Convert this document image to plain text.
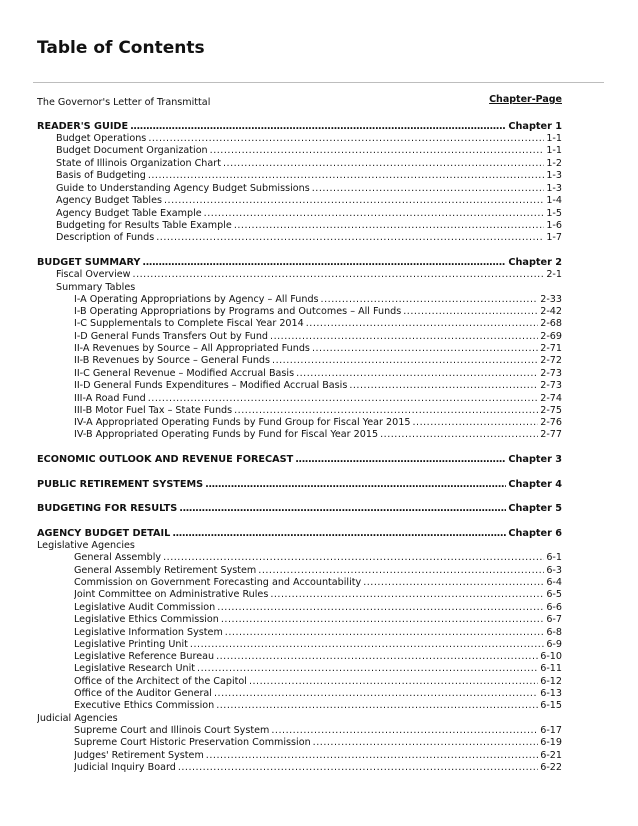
Table of Contents
Chapter-Page
The Governor's Letter of Transmittal
READER'S GUIDE .....	Chapter 1
Budget Operations .....	1-1
Budget Document Organization .....	1-1
State of Illinois Organization Chart .....	1-2
Basis of Budgeting .....	1-3
Guide to Understanding Agency Budget Submissions .....	1-3
Agency Budget Tables .....	1-4
Agency Budget Table Example .....	1-5
Budgeting for Results Table Example .....	1-6
Description of Funds .....	1-7
BUDGET SUMMARY .....	Chapter 2
Fiscal Overview .....	2-1
Summary Tables
I-A Operating Appropriations by Agency – All Funds .....	2-33
I-B Operating Appropriations by Programs and Outcomes – All Funds .....	2-42
I-C Supplementals to Complete Fiscal Year 2014 .....	2-68
I-D General Funds Transfers Out by Fund .....	2-69
II-A Revenues by Source – All Appropriated Funds .....	2-71
II-B Revenues by Source – General Funds .....	2-72
II-C General Revenue – Modified Accrual Basis .....	2-73
II-D General Funds Expenditures – Modified Accrual Basis .....	2-73
III-A Road Fund .....	2-74
III-B Motor Fuel Tax – State Funds .....	2-75
IV-A Appropriated Operating Funds by Fund Group for Fiscal Year 2015 .....	2-76
IV-B Appropriated Operating Funds by Fund for Fiscal Year 2015 .....	2-77
ECONOMIC OUTLOOK AND REVENUE FORECAST .....	Chapter 3
PUBLIC RETIREMENT SYSTEMS .....	Chapter 4
BUDGETING FOR RESULTS .....	Chapter 5
AGENCY BUDGET DETAIL .....	Chapter 6
Legislative Agencies
General Assembly .....	6-1
General Assembly Retirement System .....	6-3
Commission on Government Forecasting and Accountability .....	6-4
Joint Committee on Administrative Rules .....	6-5
Legislative Audit Commission .....	6-6
Legislative Ethics Commission .....	6-7
Legislative Information System .....	6-8
Legislative Printing Unit .....	6-9
Legislative Reference Bureau .....	6-10
Legislative Research Unit .....	6-11
Office of the Architect of the Capitol .....	6-12
Office of the Auditor General .....	6-13
Executive Ethics Commission .....	6-15
Judicial Agencies
Supreme Court and Illinois Court System .....	6-17
Supreme Court Historic Preservation Commission .....	6-19
Judges' Retirement System .....	6-21
Judicial Inquiry Board .....	6-22
